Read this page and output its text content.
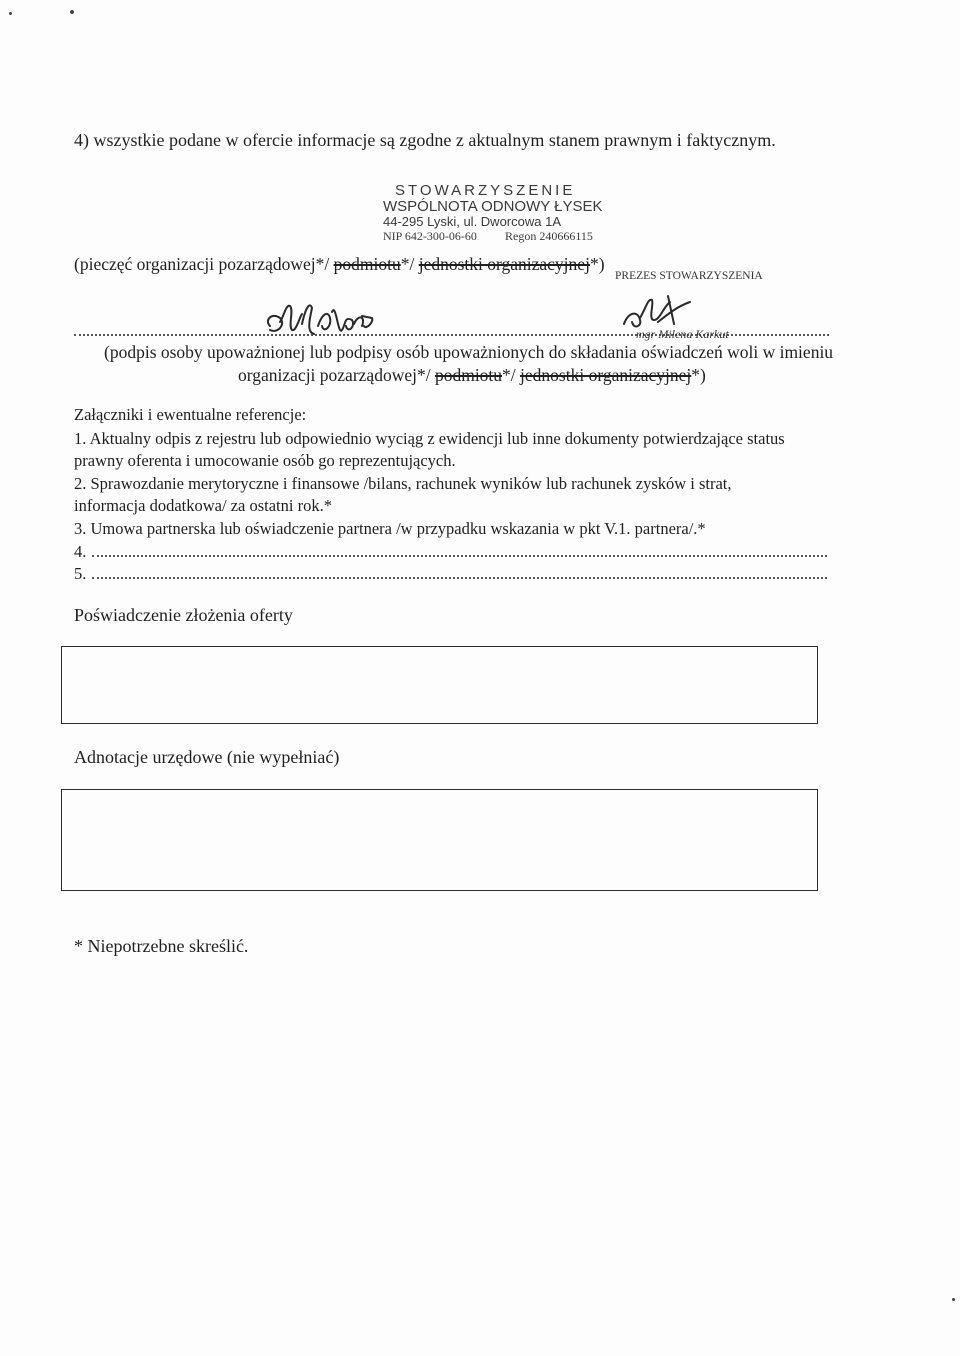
4) wszystkie podane w ofercie informacje są zgodne z aktualnym stanem prawnym i faktycznym.
STOWARZYSZENIE
WSPÓLNOTA ODNOWY ŁYSEK
44-295 Lyski, ul. Dworcowa 1A
NIP 642-300-06-60 Regon 240666115
(pieczęć organizacji pozarządowej*/ podmiotu*/ jednostki organizacyjnej*)
PREZES STOWARZYSZENIA
mgr Milena Karkut
(podpis osoby upoważnionej lub podpisy osób upoważnionych do składania oświadczeń woli w imieniu
organizacji pozarządowej*/ podmiotu*/ jednostki organizacyjnej*)
Załączniki i ewentualne referencje:
1. Aktualny odpis z rejestru lub odpowiednio wyciąg z ewidencji lub inne dokumenty potwierdzające status
prawny oferenta i umocowanie osób go reprezentujących.
2. Sprawozdanie merytoryczne i finansowe /bilans, rachunek wyników lub rachunek zysków i strat,
informacja dodatkowa/ za ostatni rok.*
3. Umowa partnerska lub oświadczenie partnera /w przypadku wskazania w pkt V.1. partnera/.*
4.
5.
Poświadczenie złożenia oferty
Adnotacje urzędowe (nie wypełniać)
* Niepotrzebne skreślić.
